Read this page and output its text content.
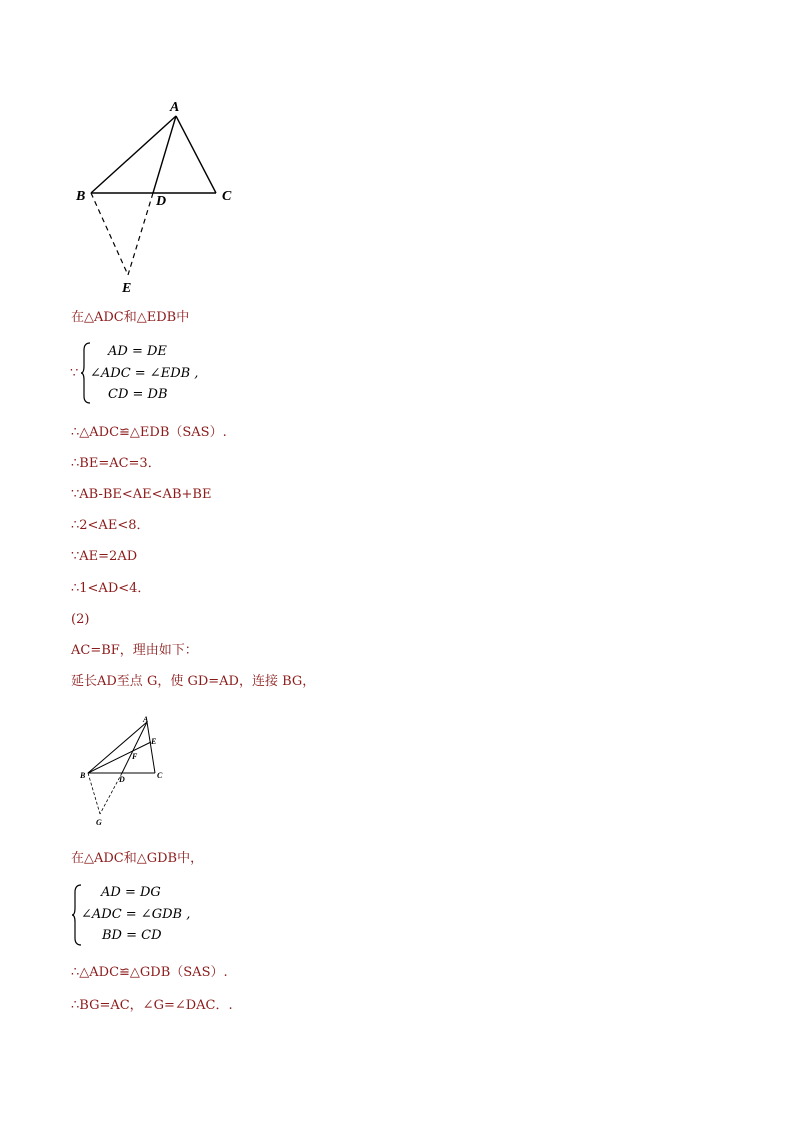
A
B	C
D
E
在△ADC和△EDB中
∵
AD = DE
∠ADC = ∠EDB ,
CD = DB
∴△ADC≌△EDB（SAS）.
∴BE=AC=3．
∵AB-BE<AE<AB+BE
∴2<AE<8．
∵AE=2AD
∴1<AD<4．
(2)
AC=BF，理由如下：
延长AD至点 G，使 GD=AD，连接 BG，
A
E
F
B	D	C
G
在△ADC和△GDB中，
AD = DG
∠ADC = ∠GDB ,
BD = CD
∴△ADC≌△GDB（SAS）.
∴BG=AC，∠G=∠DAC．.
